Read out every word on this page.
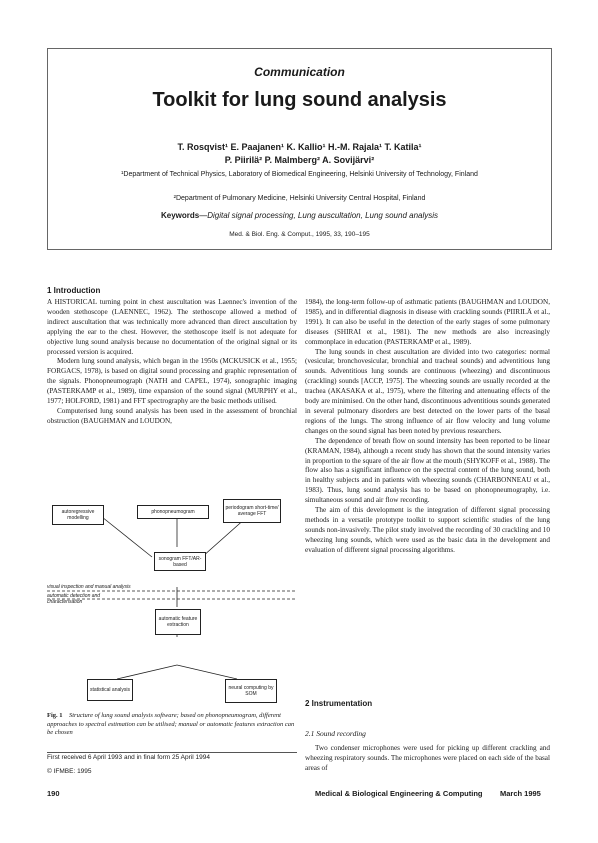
Communication
Toolkit for lung sound analysis
T. Rosqvist¹ E. Paajanen¹ K. Kallio¹ H.-M. Rajala¹ T. Katila¹
P. Piirilä² P. Malmberg² A. Sovijärvi²
¹Department of Technical Physics, Laboratory of Biomedical Engineering, Helsinki University of Technology, Finland
²Department of Pulmonary Medicine, Helsinki University Central Hospital, Finland
Keywords—Digital signal processing, Lung auscultation, Lung sound analysis
Med. & Biol. Eng. & Comput., 1995, 33, 190–195
1 Introduction

A HISTORICAL turning point in chest auscultation was Laennec's invention of the wooden stethoscope (LAENNEC, 1962). The stethoscope allowed a method of indirect auscultation that was technically more advanced than direct auscultation by applying the ear to the chest. However, the stethoscope itself is not adequate for objective lung sound analysis because no documentation of the original signal or its processed version is acquired.

Modern lung sound analysis, which began in the 1950s (MCKUSICK et al., 1955; FORGACS, 1978), is based on digital sound processing and graphic representation of the signals. Phonopneumograph (NATH and CAPEL, 1974), sonographic imaging (PASTERKAMP et al., 1989), time expansion of the sound signal (MURPHY et al., 1977; HOLFORD, 1981) and FFT spectrography are the basic methods utilised.

Computerised lung sound analysis has been used in the assessment of bronchial obstruction (BAUGHMAN and LOUDON,

autoregressive modelling
phonopneumogram
periodogram short-time/ average FFT
sonogram FFT/AR-based
visual inspection and manual analysis
automatic detection and characterisation
automatic feature extraction
statistical analysis	neural computing by SOM
Fig. 1 Structure of lung sound analysis software; based on phonopneumogram, different approaches to spectral estimation can be utilised; manual or automatic features extraction can be chosen
First received 6 April 1993 and in final form 25 April 1994
© IFMBE: 1995

1984), the long-term follow-up of asthmatic patients (BAUGHMAN and LOUDON, 1985), and in differential diagnosis in disease with crackling sounds (PIIRILÄ et al., 1991). It can also be useful in the detection of the early stages of some pulmonary diseases (SHIRAI et al., 1981). The new methods are also increasingly commonplace in education (PASTERKAMP et al., 1989).

The lung sounds in chest auscultation are divided into two categories: normal (vesicular, bronchovesicular, bronchial and tracheal sounds) and adventitious lung sounds. Adventitious lung sounds are continuous (wheezing) and discontinuous (crackling) sounds [ACCP, 1975]. The wheezing sounds are usually recorded at the trachea (AKASAKA et al., 1975), where the filtering and attenuating effects of the body are minimised. On the other hand, discontinuous adventitious sounds generated in several pulmonary disorders are best detected on the lower parts of the basal regions of the lungs. The strong influence of air flow velocity and lung volume changes on the sound signal has been noted by previous researchers.

The dependence of breath flow on sound intensity has been reported to be linear (KRAMAN, 1984), although a recent study has shown that the sound intensity varies in proportion to the square of the air flow at the mouth (SHYKOFF et al., 1988). The flow also has a significant influence on the spectral content of the lung sound, both in healthy subjects and in patients with wheezing sounds (CHARBONNEAU et al., 1983). Thus, lung sound analysis has to be based on phonopneumography, i.e. simultaneous sound and air flow recording.

The aim of this development is the integration of different signal processing methods in a versatile prototype toolkit to support scientific studies of the lung sounds non-invasively. The pilot study involved the recording of 30 crackling and 10 wheezing lung sounds, which were used as the basic data in the development and evaluation of different signal processing algorithms.

2 Instrumentation
2.1 Sound recording

Two condenser microphones were used for picking up different crackling and wheezing respiratory sounds. The microphones were placed on each side of the basal areas of

190	Medical & Biological Engineering & Computing March 1995
